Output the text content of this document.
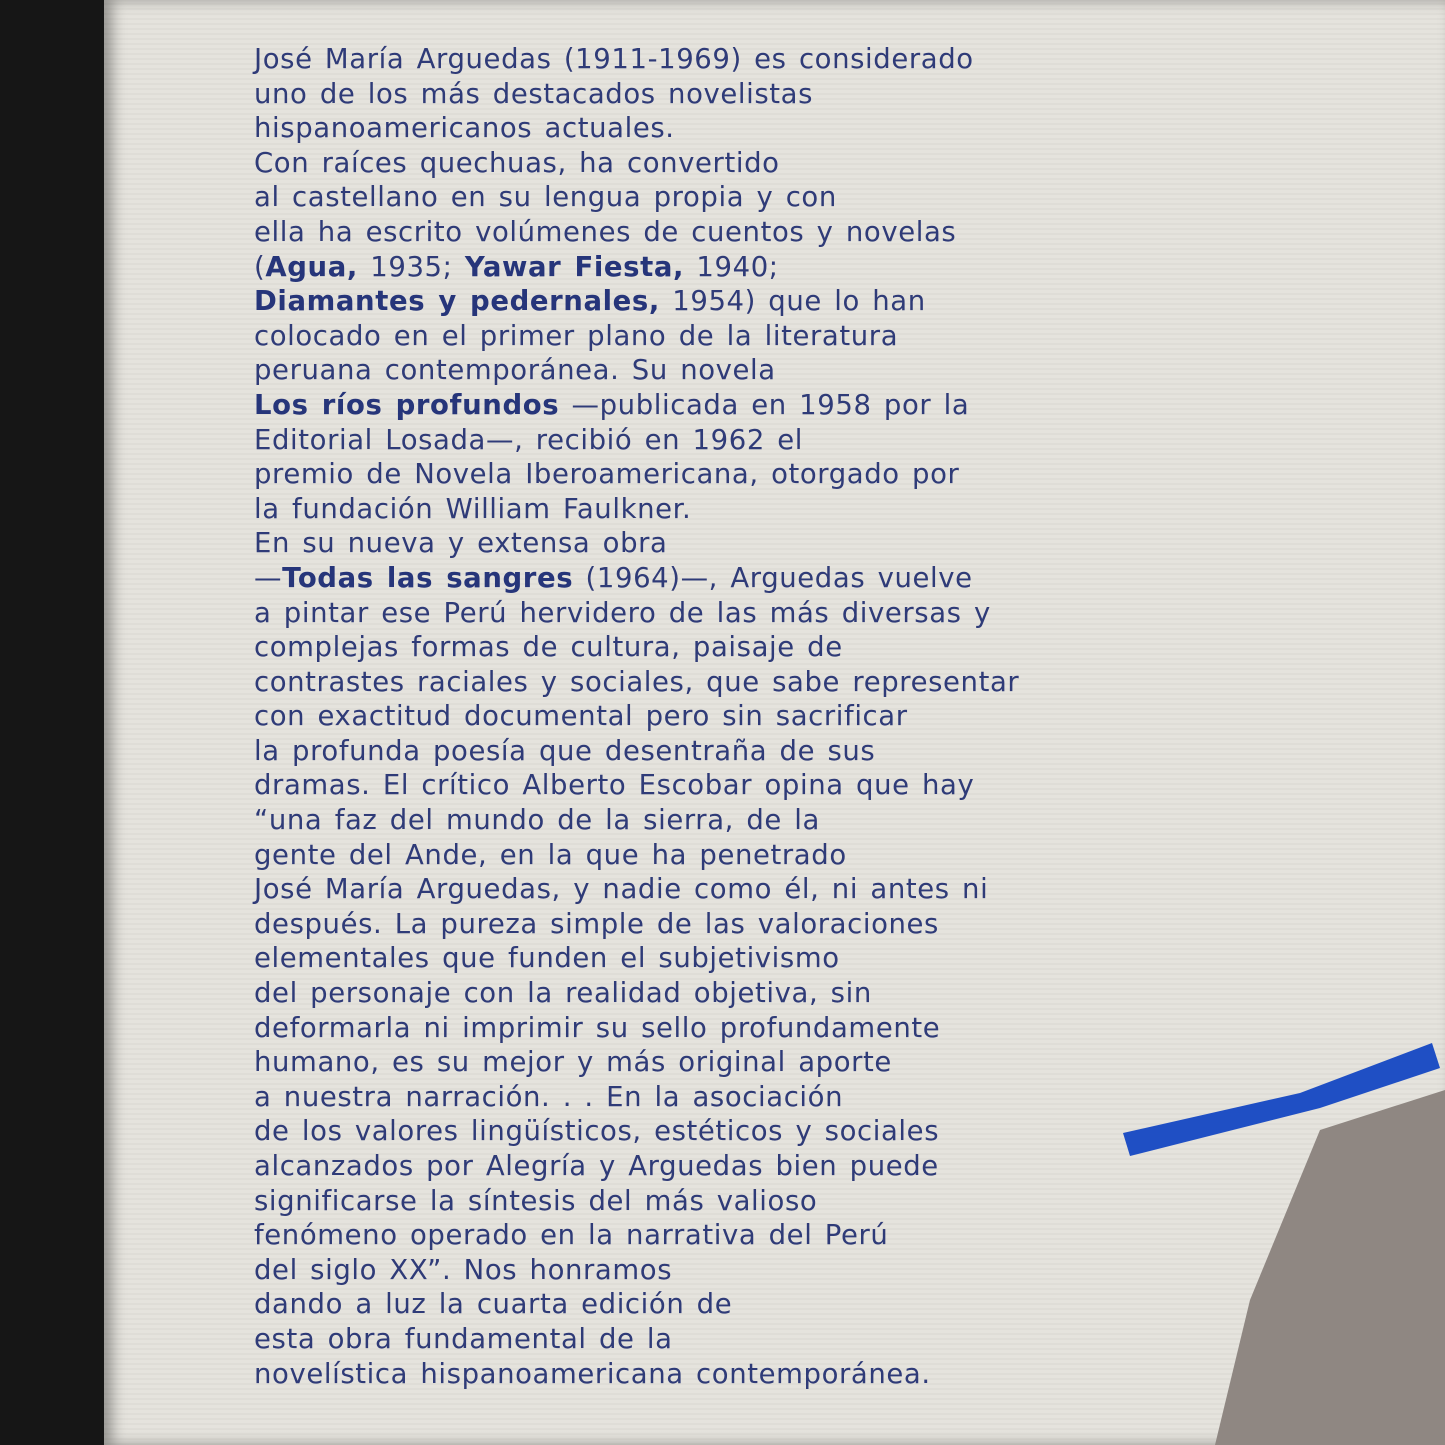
José María Arguedas (1911-1969) es considerado
uno de los más destacados novelistas
hispanoamericanos actuales.
Con raíces quechuas, ha convertido
al castellano en su lengua propia y con
ella ha escrito volúmenes de cuentos y novelas
(Agua, 1935; Yawar Fiesta, 1940;
Diamantes y pedernales, 1954) que lo han
colocado en el primer plano de la literatura
peruana contemporánea. Su novela
Los ríos profundos —publicada en 1958 por la
Editorial Losada—, recibió en 1962 el
premio de Novela Iberoamericana, otorgado por
la fundación William Faulkner.
En su nueva y extensa obra
—Todas las sangres (1964)—, Arguedas vuelve
a pintar ese Perú hervidero de las más diversas y
complejas formas de cultura, paisaje de
contrastes raciales y sociales, que sabe representar
con exactitud documental pero sin sacrificar
la profunda poesía que desentraña de sus
dramas. El crítico Alberto Escobar opina que hay
“una faz del mundo de la sierra, de la
gente del Ande, en la que ha penetrado
José María Arguedas, y nadie como él, ni antes ni
después. La pureza simple de las valoraciones
elementales que funden el subjetivismo
del personaje con la realidad objetiva, sin
deformarla ni imprimir su sello profundamente
humano, es su mejor y más original aporte
a nuestra narración. . . En la asociación
de los valores lingüísticos, estéticos y sociales
alcanzados por Alegría y Arguedas bien puede
significarse la síntesis del más valioso
fenómeno operado en la narrativa del Perú
del siglo XX”. Nos honramos
dando a luz la cuarta edición de
esta obra fundamental de la
novelística hispanoamericana contemporánea.
